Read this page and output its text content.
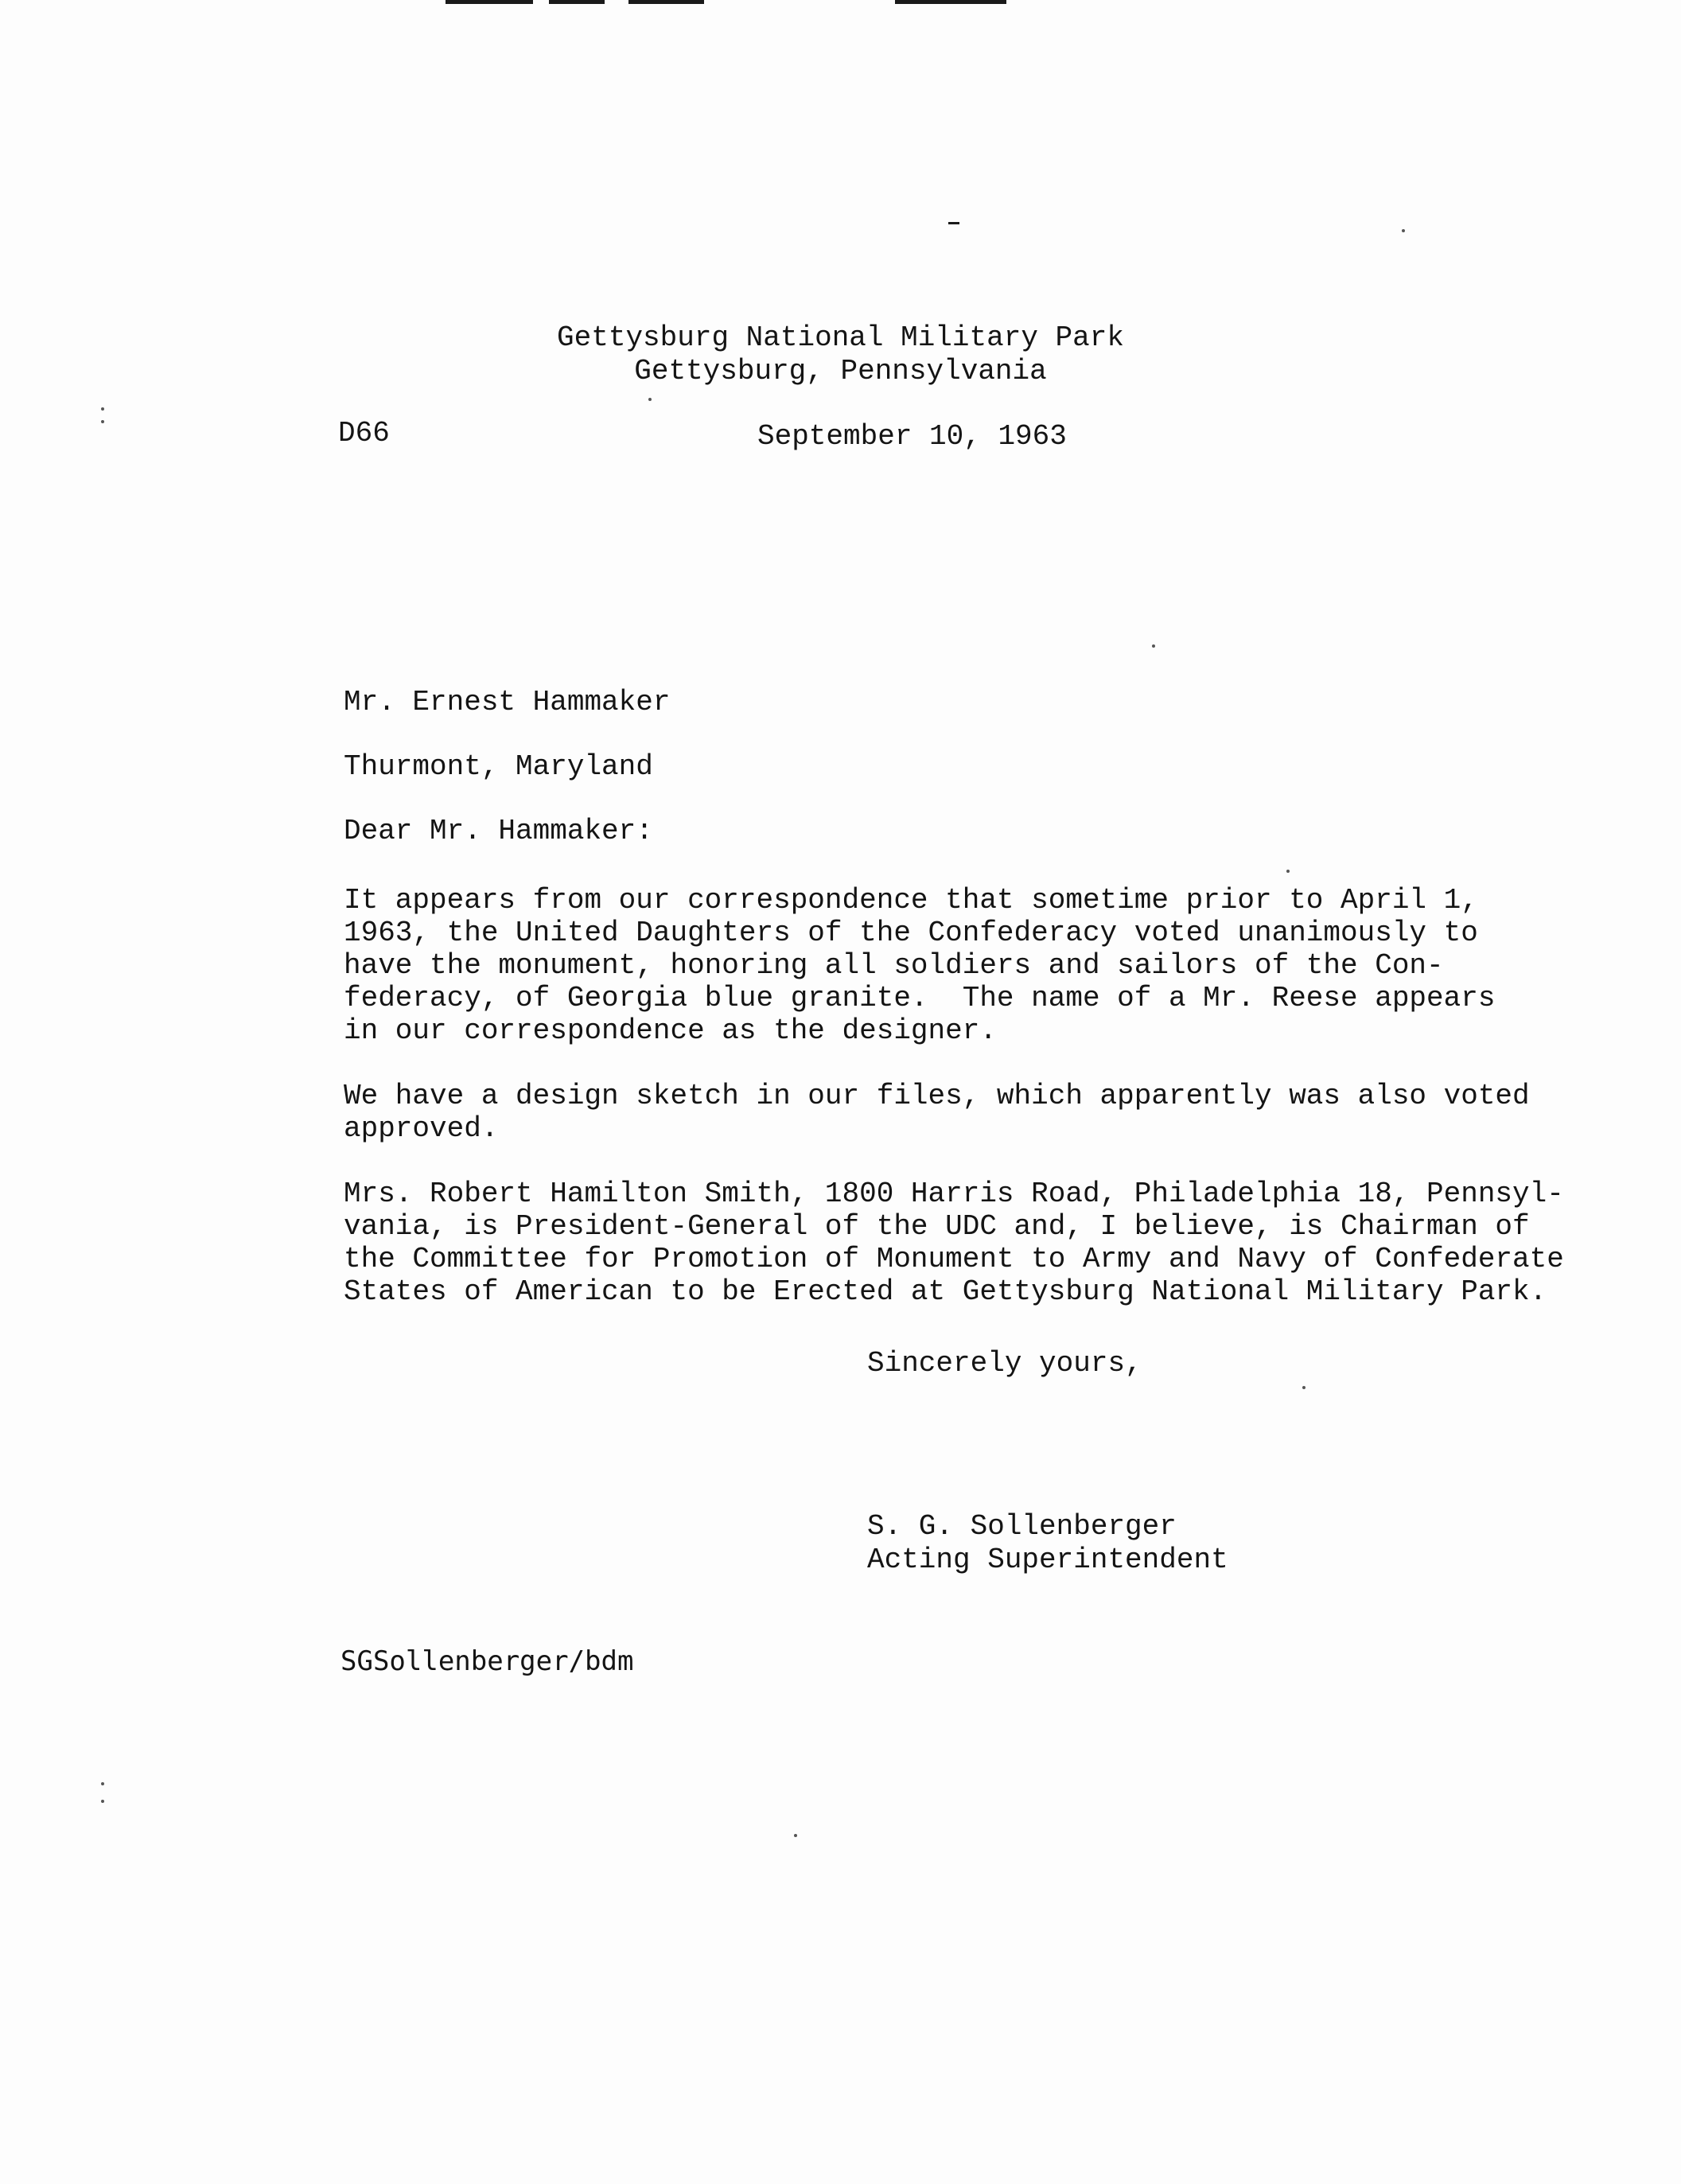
Gettysburg National Military Park
Gettysburg, Pennsylvania
D66	September 10, 1963
Mr. Ernest Hammaker
Thurmont, Maryland
Dear Mr. Hammaker:
It appears from our correspondence that sometime prior to April 1,
1963, the United Daughters of the Confederacy voted unanimously to
have the monument, honoring all soldiers and sailors of the Con-
federacy, of Georgia blue granite.  The name of a Mr. Reese appears
in our correspondence as the designer.
We have a design sketch in our files, which apparently was also voted
approved.
Mrs. Robert Hamilton Smith, 1800 Harris Road, Philadelphia 18, Pennsyl-
vania, is President-General of the UDC and, I believe, is Chairman of
the Committee for Promotion of Monument to Army and Navy of Confederate
States of American to be Erected at Gettysburg National Military Park.
Sincerely yours,
S. G. Sollenberger
Acting Superintendent
SGSollenberger/bdm
